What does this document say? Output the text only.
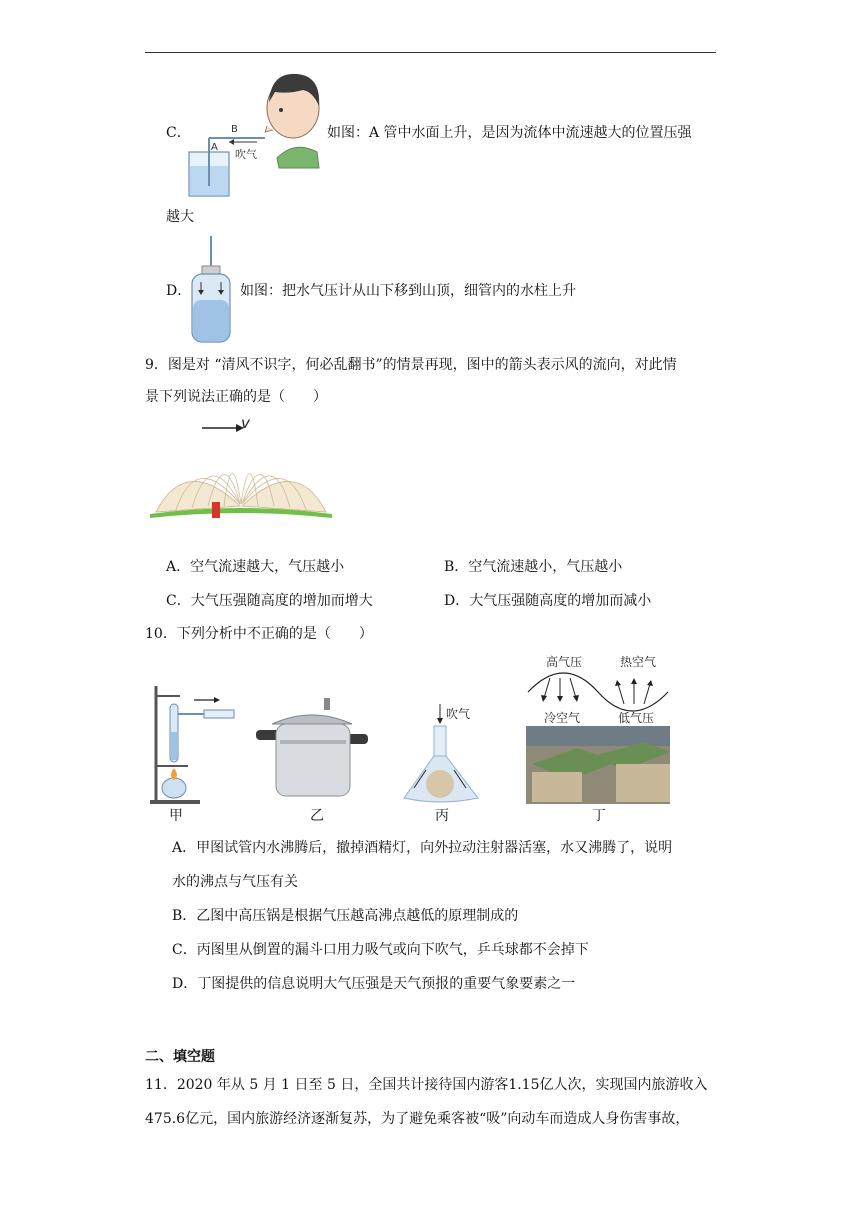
C．
A
B
吹气
如图：A 管中水面上升，是因为流体中流速越大的位置压强
越大
D．	如图：把水气压计从山下移到山顶，细管内的水柱上升
9．图是对 “清风不识字，何必乱翻书”的情景再现，图中的箭头表示风的流向，对此情
景下列说法正确的是（　　）
v
A．空气流速越大，气压越小	B．空气流速越小，气压越小
C．大气压强随高度的增加而增大	D．大气压强随高度的增加而减小
10．下列分析中不正确的是（　　）
甲	乙
吹气
丙
高气压	热空气
冷空气	低气压
丁
A．甲图试管内水沸腾后，撤掉酒精灯，向外拉动注射器活塞，水又沸腾了，说明
水的沸点与气压有关
B．乙图中高压锅是根据气压越高沸点越低的原理制成的
C．丙图里从倒置的漏斗口用力吸气或向下吹气，乒乓球都不会掉下
D．丁图提供的信息说明大气压强是天气预报的重要气象要素之一
二、填空题
11．2020 年从 5 月 1 日至 5 日，全国共计接待国内游客1.15亿人次，实现国内旅游收入
475.6亿元，国内旅游经济逐渐复苏，为了避免乘客被“吸”向动车而造成人身伤害事故，
